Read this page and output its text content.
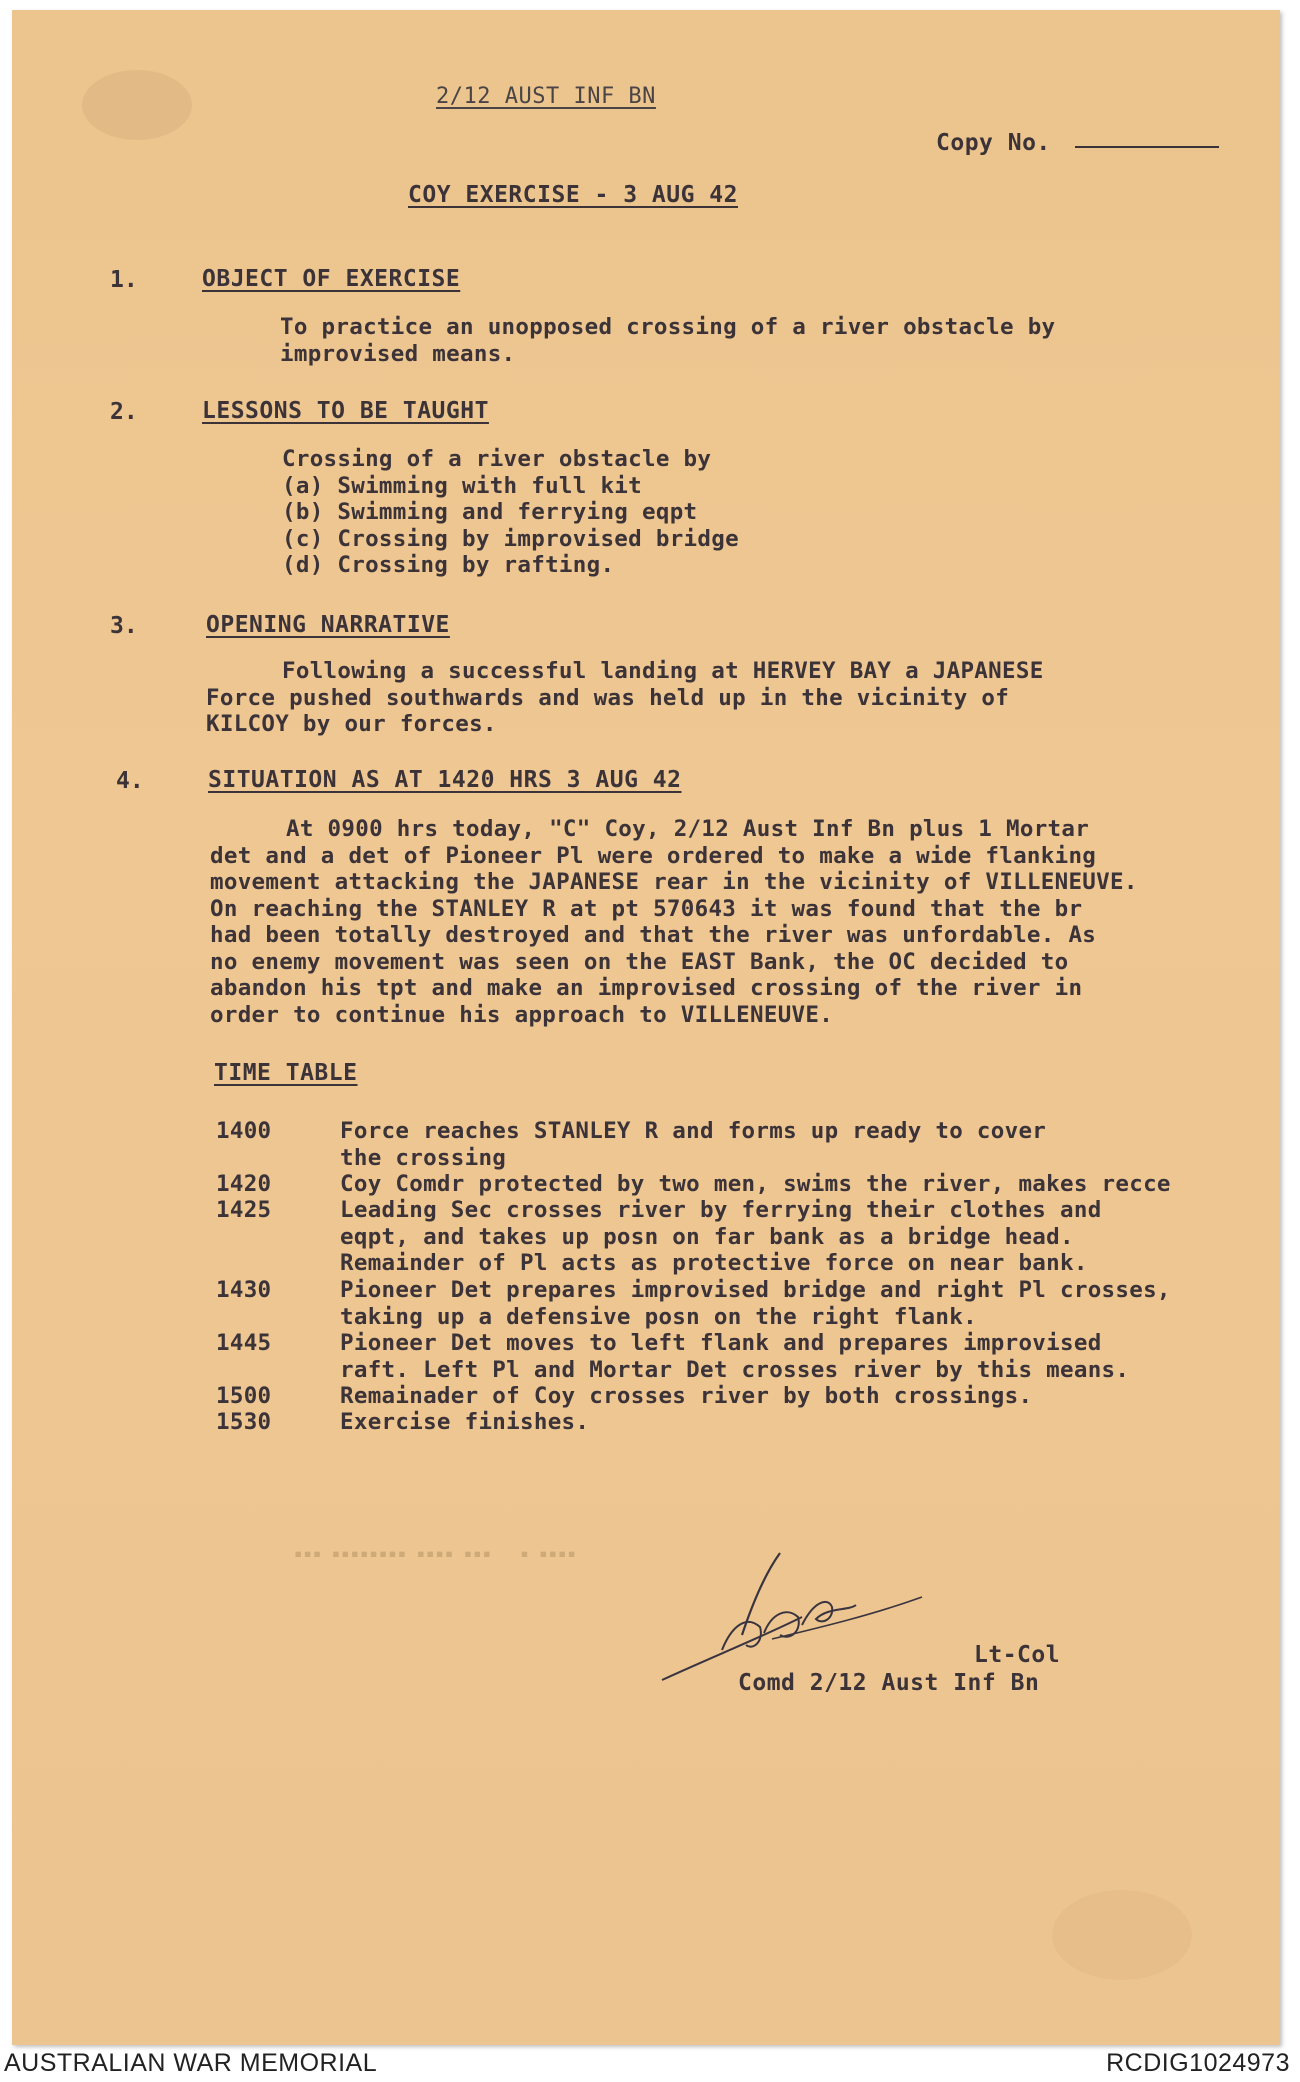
2/12 AUST INF BN
Copy No.
COY EXERCISE - 3 AUG 42
1.	OBJECT OF EXERCISE
To practice an unopposed crossing of a river obstacle by
improvised means.
2.	LESSONS TO BE TAUGHT
Crossing of a river obstacle by
(a) Swimming with full kit
(b) Swimming and ferrying eqpt
(c) Crossing by improvised bridge
(d) Crossing by rafting.
3.	OPENING NARRATIVE
Following a successful landing at HERVEY BAY a JAPANESE
Force pushed southwards and was held up in the vicinity of
KILCOY by our forces.
4.	SITUATION AS AT 1420 HRS 3 AUG 42
At 0900 hrs today, "C" Coy, 2/12 Aust Inf Bn plus 1 Mortar
det and a det of Pioneer Pl were ordered to make a wide flanking
movement attacking the JAPANESE rear in the vicinity of VILLENEUVE.
On reaching the STANLEY R at pt 570643 it was found that the br
had been totally destroyed and that the river was unfordable. As
no enemy movement was seen on the EAST Bank, the OC decided to
abandon his tpt and make an improvised crossing of the river in
order to continue his approach to VILLENEUVE.
TIME TABLE
1400	Force reaches STANLEY R and forms up ready to cover
the crossing
1420	Coy Comdr protected by two men, swims the river, makes recce
1425	Leading Sec crosses river by ferrying their clothes and
eqpt, and takes up posn on far bank as a bridge head.
Remainder of Pl acts as protective force on near bank.
1430	Pioneer Det prepares improvised bridge and right Pl crosses,
taking up a defensive posn on the right flank.
1445	Pioneer Det moves to left flank and prepares improvised
raft. Left Pl and Mortar Det crosses river by this means.
1500	Remainader of Coy crosses river by both crossings.
1530	Exercise finishes.
▪▪▪ ▪▪▪▪▪▪▪▪ ▪▪▪▪ ▪▪▪   ▪ ▪▪▪▪
Lt-Col
Comd 2/12 Aust Inf Bn
AUSTRALIAN WAR MEMORIAL	RCDIG1024973
